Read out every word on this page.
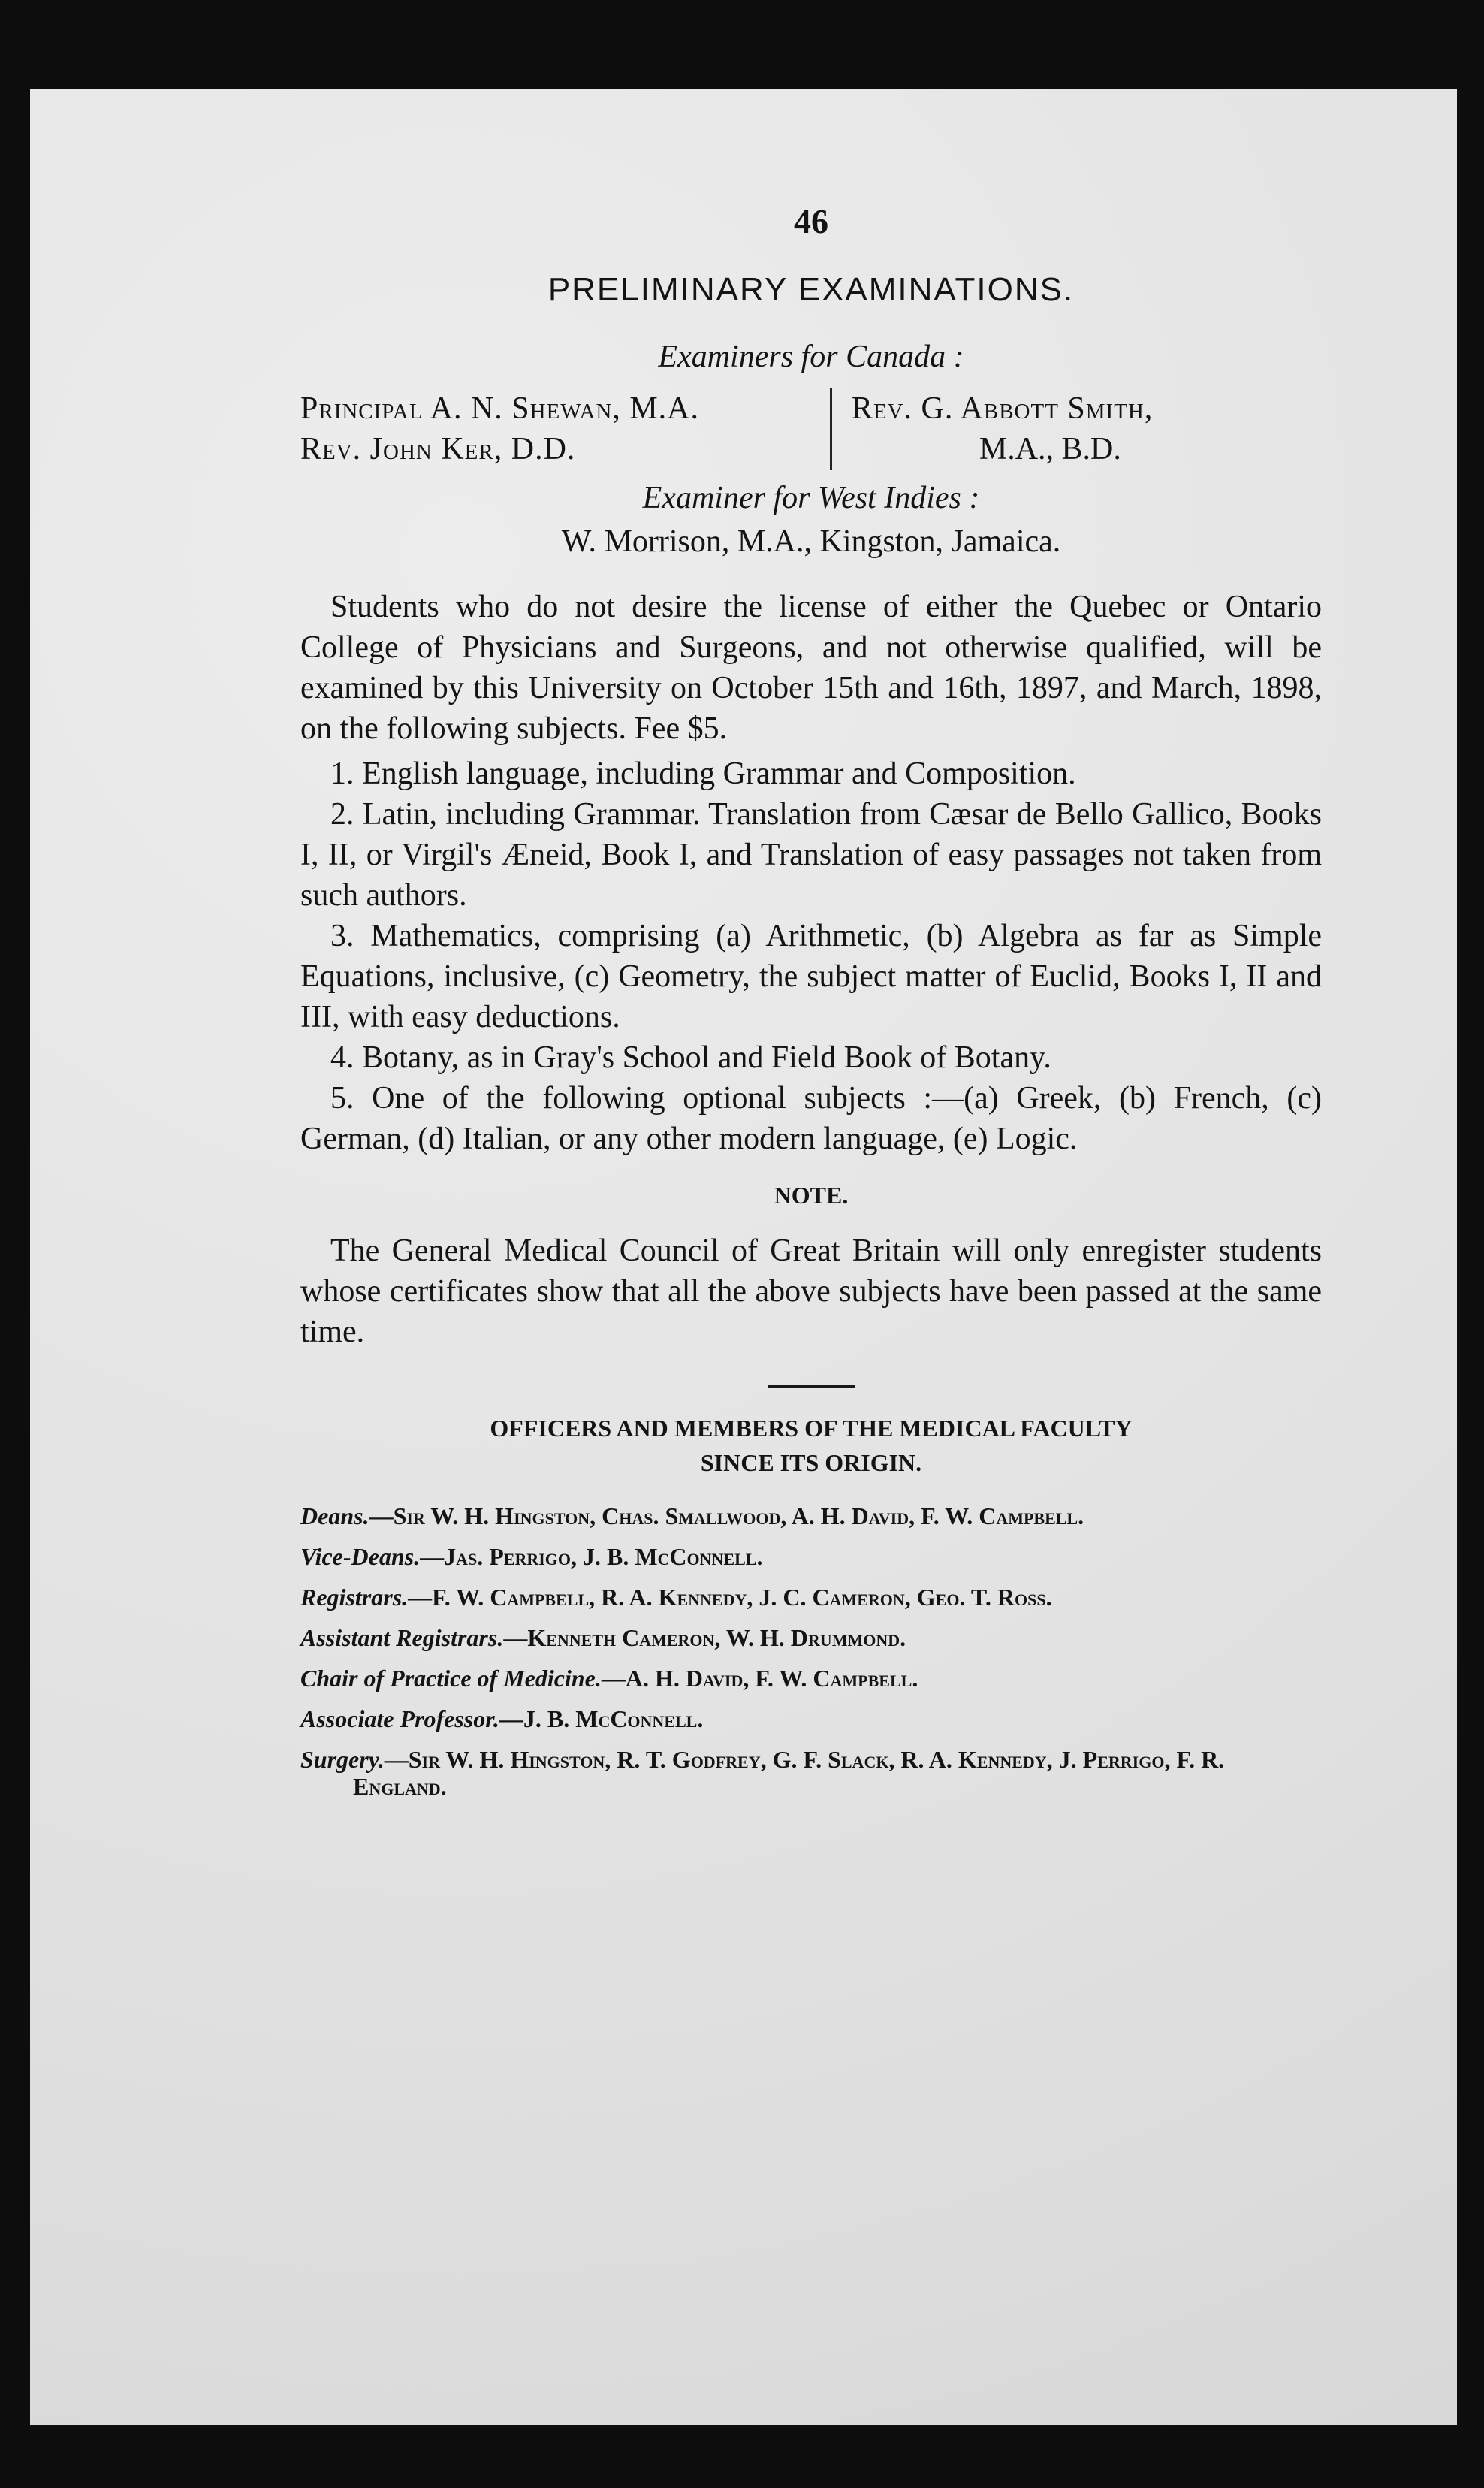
46
PRELIMINARY EXAMINATIONS.
Examiners for Canada :
Principal A. N. Shewan, M.A.
Rev. John Ker, D.D.
Rev. G. Abbott Smith,
M.A., B.D.
Examiner for West Indies :
W. Morrison, M.A., Kingston, Jamaica.

Students who do not desire the license of either the Quebec or Ontario College of Physicians and Surgeons, and not otherwise qualified, will be examined by this University on October 15th and 16th, 1897, and March, 1898, on the following subjects. Fee $5.

1. English language, including Grammar and Composition.

2. Latin, including Grammar. Translation from Cæsar de Bello Gallico, Books I, II, or Virgil's Æneid, Book I, and Translation of easy passages not taken from such authors.

3. Mathematics, comprising (a) Arithmetic, (b) Algebra as far as Simple Equations, inclusive, (c) Geometry, the subject matter of Euclid, Books I, II and III, with easy deductions.

4. Botany, as in Gray's School and Field Book of Botany.

5. One of the following optional subjects :—(a) Greek, (b) French, (c) German, (d) Italian, or any other modern language, (e) Logic.

NOTE.

The General Medical Council of Great Britain will only enregister students whose certificates show that all the above subjects have been passed at the same time.

OFFICERS AND MEMBERS OF THE MEDICAL FACULTY
SINCE ITS ORIGIN.

Deans.—Sir W. H. Hingston, Chas. Smallwood, A. H. David, F. W. Campbell.

Vice-Deans.—Jas. Perrigo, J. B. McConnell.

Registrars.—F. W. Campbell, R. A. Kennedy, J. C. Cameron, Geo. T. Ross.

Assistant Registrars.—Kenneth Cameron, W. H. Drummond.

Chair of Practice of Medicine.—A. H. David, F. W. Campbell.

Associate Professor.—J. B. McConnell.

Surgery.—Sir W. H. Hingston, R. T. Godfrey, G. F. Slack, R. A. Kennedy, J. Perrigo, F. R. England.
